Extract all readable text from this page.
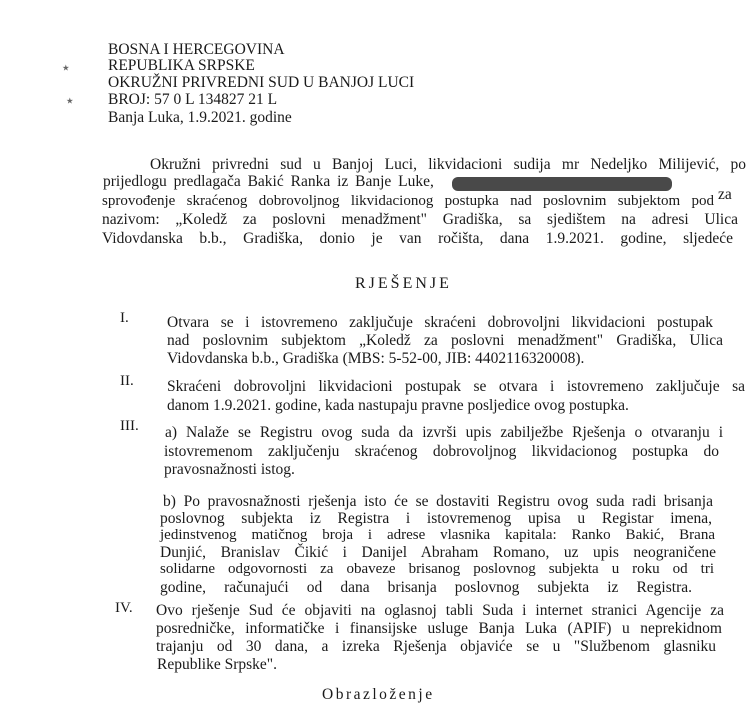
٭
٭
BOSNA I HERCEGOVINA
REPUBLIKA SRPSKE
OKRUŽNI PRIVREDNI SUD U BANJOJ LUCI
BROJ: 57 0 L 134827 21 L
Banja Luka, 1.9.2021. godine
Okružni privredni sud u Banjoj Luci, likvidacioni sudija mr Nedeljko Milijević, po
prijedlogu predlagača Bakić Ranka iz Banje Luke,
za
sprovođenje skraćenog dobrovoljnog likvidacionog postupka nad poslovnim subjektom pod
nazivom: „Koledž za poslovni menadžment" Gradiška, sa sjedištem na adresi Ulica
Vidovdanska b.b., Gradiška, donio je van ročišta, dana 1.9.2021. godine, sljedeće
RJEŠENJE
I. Otvara se i istovremeno zaključuje skraćeni dobrovoljni likvidacioni postupak
nad poslovnim subjektom „Koledž za poslovni menadžment" Gradiška, Ulica
Vidovdanska b.b., Gradiška (MBS: 5-52-00, JIB: 4402116320008).
II. Skraćeni dobrovoljni likvidacioni postupak se otvara i istovremeno zaključuje sa
danom 1.9.2021. godine, kada nastupaju pravne posljedice ovog postupka.
III. a) Nalaže se Registru ovog suda da izvrši upis zabilježbe Rješenja o otvaranju i
istovremenom zaključenju skraćenog dobrovoljnog likvidacionog postupka do
pravosnažnosti istog.
b) Po pravosnažnosti rješenja isto će se dostaviti Registru ovog suda radi brisanja
poslovnog subjekta iz Registra i istovremenog upisa u Registar imena,
jedinstvenog matičnog broja i adrese vlasnika kapitala: Ranko Bakić, Brana
Dunjić, Branislav Čikić i Danijel Abraham Romano, uz upis neograničene
solidarne odgovornosti za obaveze brisanog poslovnog subjekta u roku od tri
godine, računajući od dana brisanja poslovnog subjekta iz Registra.
IV. Ovo rješenje Sud će objaviti na oglasnoj tabli Suda i internet stranici Agencije za
posredničke, informatičke i finansijske usluge Banja Luka (APIF) u neprekidnom
trajanju od 30 dana, a izreka Rješenja objaviće se u "Službenom glasniku
Republike Srpske".
Obrazloženje
